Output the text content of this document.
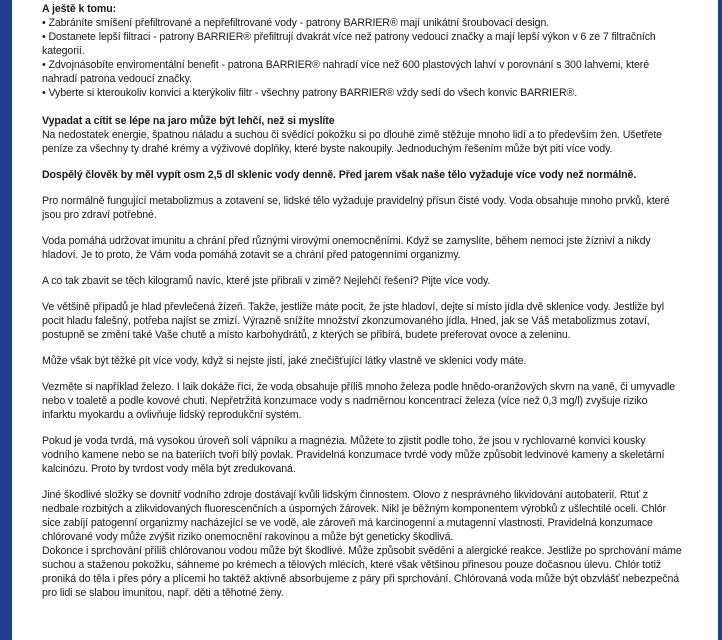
A ještě k tomu:

• Zabráníte smíšení přefiltrované a nepřefiltrované vody - patrony BARRIER® mají unikátní šroubovací design.
• Dostanete lepší filtraci - patrony BARRIER® přefiltrují dvakrát více než patrony vedoucí značky a mají lepší výkon v 6 ze 7 filtračních kategorií.
• Zdvojnásobíte enviromentální benefit - patrona BARRIER® nahradí více než 600 plastových lahví v porovnání s 300 lahvemi, které nahradí patrona vedoucí značky.
• Vyberte si kteroukoliv konvici a kterýkoliv filtr - všechny patrony BARRIER® vždy sedí do všech konvic BARRIER®.

Vypadat a cítit se lépe na jaro může být lehčí, než si myslíte

Na nedostatek energie, špatnou náladu a suchou či svědící pokožku si po dlouhé zimě stěžuje mnoho lidí a to především žen. Ušetřete peníze za všechny ty drahé krémy a výživové doplňky, které byste nakoupily. Jednoduchým řešením může být pití více vody.

Dospělý člověk by měl vypít osm 2,5 dl sklenic vody denně. Před jarem však naše tělo vyžaduje více vody než normálně.

Pro normálně fungující metabolizmus a zotavení se, lidské tělo vyžaduje pravidelný přísun čisté vody. Voda obsahuje mnoho prvků, které jsou pro zdraví potřebné.

Voda pomáhá udržovat imunitu a chrání před různými virovými onemocněními. Když se zamyslíte, během nemoci jste žízniví a nikdy hladoví. Je to proto, že Vám voda pomáhá zotavit se a chrání před patogenními organizmy.

A co tak zbavit se těch kilogramů navíc, které jste přibrali v zimě? Nejlehčí řešení? Pijte více vody.

Ve většině případů je hlad převlečená žízeň. Takže, jestliže máte pocit, že jste hladoví, dejte si místo jídla dvě sklenice vody. Jestliže byl pocit hladu falešný, potřeba najíst se zmizí. Výrazně snížíte množství zkonzumovaného jídla. Hned, jak se Váš metabolizmus zotaví, postupně se změní také Vaše chutě a místo karbohydrátů, z kterých se přibírá, budete preferovat ovoce a zeleninu.

Může však být těžké pít více vody, když si nejste jistí, jaké znečišťující látky vlastně ve sklenici vody máte.

Vezměte si například železo. I laik dokáže říci, že voda obsahuje příliš mnoho železa podle hnědo-oranžových skvrn na vaně, či umyvadle nebo v toaletě a podle kovové chuti. Nepřetržitá konzumace vody s nadměrnou koncentrací železa (více než 0,3 mg/l) zvyšuje riziko infarktu myokardu a ovlivňuje lidský reprodukční systém.

Pokud je voda tvrdá, má vysokou úroveň solí vápníku a magnézia. Můžete to zjistit podle toho, že jsou v rychlovarné konvici kousky vodního kamene nebo se na bateriích tvoří bílý povlak. Pravidelná konzumace tvrdé vody může způsobit ledvinové kameny a skeletární kalcinózu. Proto by tvrdost vody měla být zredukovaná.

Jiné škodlivé složky se dovnitř vodního zdroje dostávají kvůli lidským činnostem. Olovo z nesprávného likvidování autobaterií. Rtuť z nedbale rozbitých a zlikvidovaných fluorescenčních a úsporných žárovek. Nikl je běžným komponentem výrobků z ušlechtilé oceli. Chlór sice zabíjí patogenní organizmy nacházející se ve vodě, ale zároveň má karcinogenní a mutagenní vlastnosti. Pravidelná konzumace chlórované vody může zvýšit riziko onemocnění rakovinou a může být geneticky škodlivá.

Dokonce i sprchování příliš chlórovanou vodou může být škodlivé. Může způsobit svědění a alergické reakce. Jestliže po sprchování máme suchou a staženou pokožku, sáhneme po krémech a tělových mlécích, které však většinou přinesou pouze dočasnou úlevu. Chlór totiž proniká do těla i přes póry a plícemi ho taktéž aktivně absorbujeme z páry při sprchování. Chlórovaná voda může být obzvlášť nebezpečná pro lidi se slabou imunitou, např. děti a těhotné ženy.
